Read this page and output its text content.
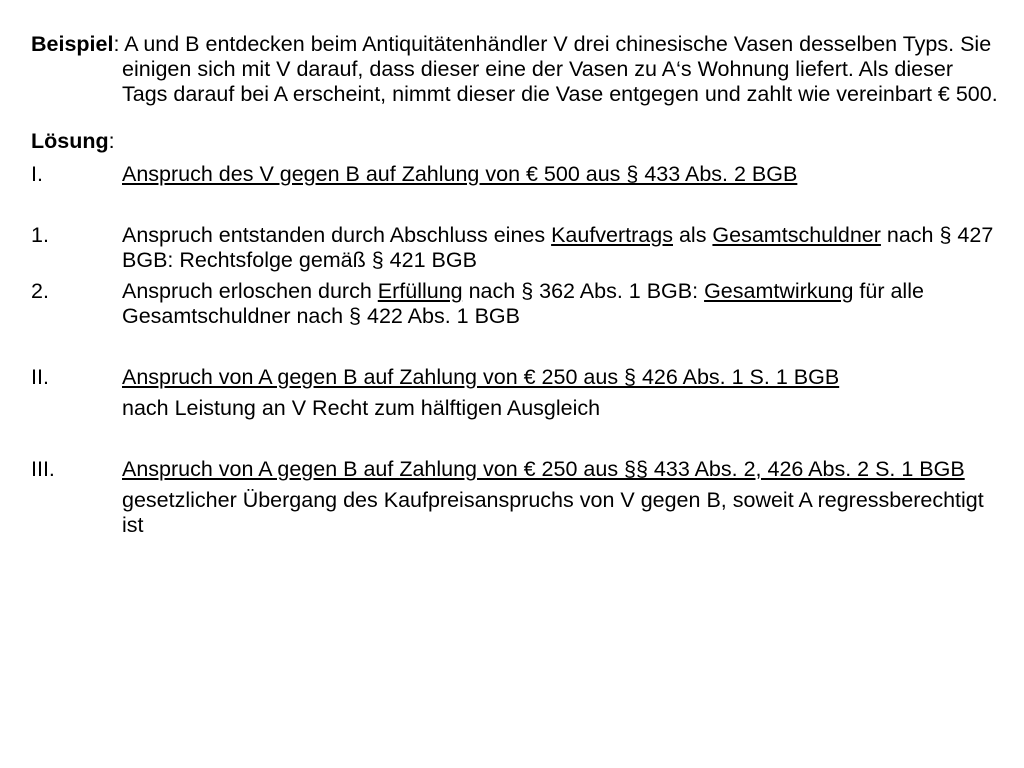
Beispiel: A und B entdecken beim Antiquitätenhändler V drei chinesische Vasen desselben Typs. Sie einigen sich mit V darauf, dass dieser eine der Vasen zu A‘s Wohnung liefert. Als dieser Tags darauf bei A erscheint, nimmt dieser die Vase entgegen und zahlt wie vereinbart € 500.

Lösung:

I.	Anspruch des V gegen B auf Zahlung von € 500 aus § 433 Abs. 2 BGB
1.	Anspruch entstanden durch Abschluss eines Kaufvertrags als Gesamtschuldner nach § 427 BGB: Rechtsfolge gemäß § 421 BGB
2.	Anspruch erloschen durch Erfüllung nach § 362 Abs. 1 BGB: Gesamtwirkung für alle Gesamtschuldner nach § 422 Abs. 1 BGB
II.	Anspruch von A gegen B auf Zahlung von € 250 aus § 426 Abs. 1 S. 1 BGB

nach Leistung an V Recht zum hälftigen Ausgleich

III.	Anspruch von A gegen B auf Zahlung von € 250 aus §§ 433 Abs. 2, 426 Abs. 2 S. 1 BGB

gesetzlicher Übergang des Kaufpreisanspruchs von V gegen B, soweit A regressberechtigt ist
